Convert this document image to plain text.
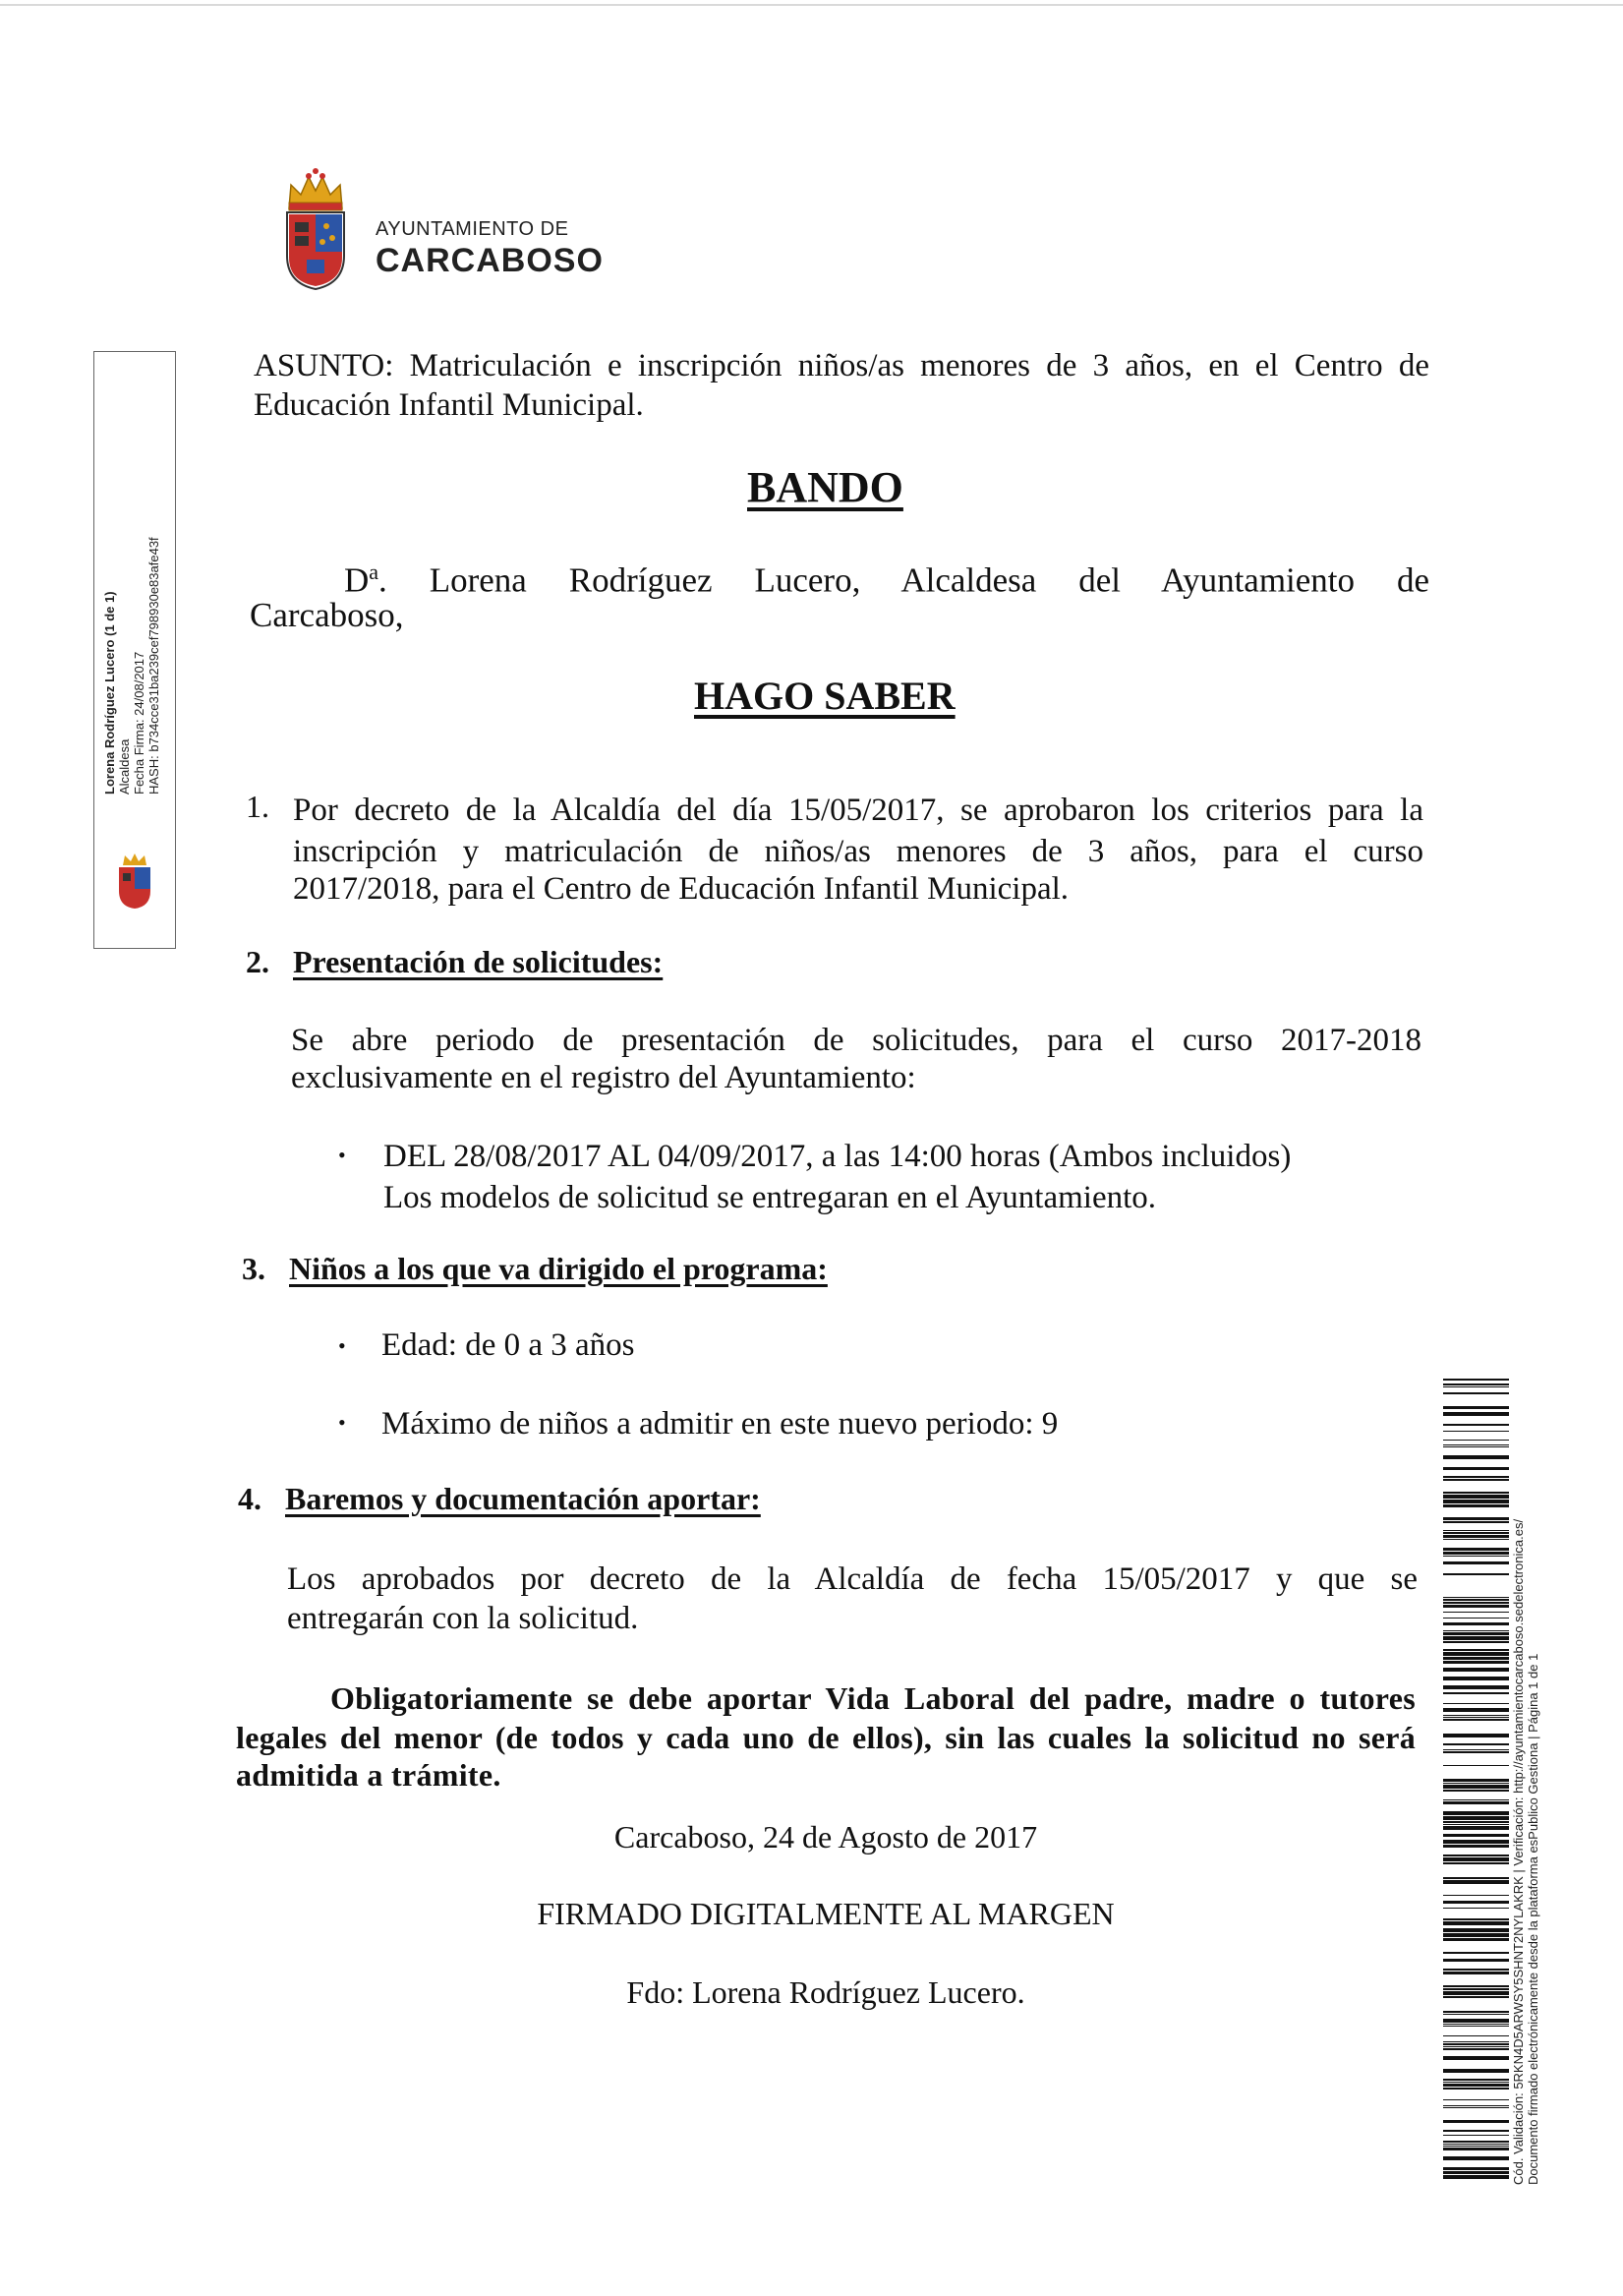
AYUNTAMIENTO DE
CARCABOSO
ASUNTO: Matriculación e inscripción niños/as menores de 3 años, en el Centro de
Educación Infantil Municipal.
BANDO
$D^a$. Lorena Rodríguez Lucero, Alcaldesa del Ayuntamiento de
Carcaboso,
HAGO SABER
1. Por decreto de la Alcaldía del día 15/05/2017, se aprobaron los criterios para la
inscripción y matriculación de niños/as menores de 3 años, para el curso
2017/2018, para el Centro de Educación Infantil Municipal.
2. Presentación de solicitudes:
Se abre periodo de presentación de solicitudes, para el curso 2017-2018
exclusivamente en el registro del Ayuntamiento:
• DEL 28/08/2017 AL 04/09/2017, a las 14:00 horas (Ambos incluidos)
Los modelos de solicitud se entregaran en el Ayuntamiento.
3. Niños a los que va dirigido el programa:
• Edad: de 0 a 3 años
• Máximo de niños a admitir en este nuevo periodo: 9
4. Baremos y documentación aportar:
Los aprobados por decreto de la Alcaldía de fecha 15/05/2017 y que se
entregarán con la solicitud.
Obligatoriamente se debe aportar Vida Laboral del padre, madre o tutores
legales del menor (de todos y cada uno de ellos), sin las cuales la solicitud no será
admitida a trámite.
Carcaboso, 24 de Agosto de 2017
FIRMADO DIGITALMENTE AL MARGEN
Fdo: Lorena Rodríguez Lucero.
Lorena Rodríguez Lucero (1 de 1) Alcaldesa Fecha Firma: 24/08/2017 HASH: b734cce31ba239cef798930e83afe43f
Cód. Validación: 5RKN4D5ARWSY5SHNT2NYLAKRK | Verificación: http://ayuntamientocarcaboso.sedelectronica.es/ Documento firmado electrónicamente desde la plataforma esPublico Gestiona | Página 1 de 1
